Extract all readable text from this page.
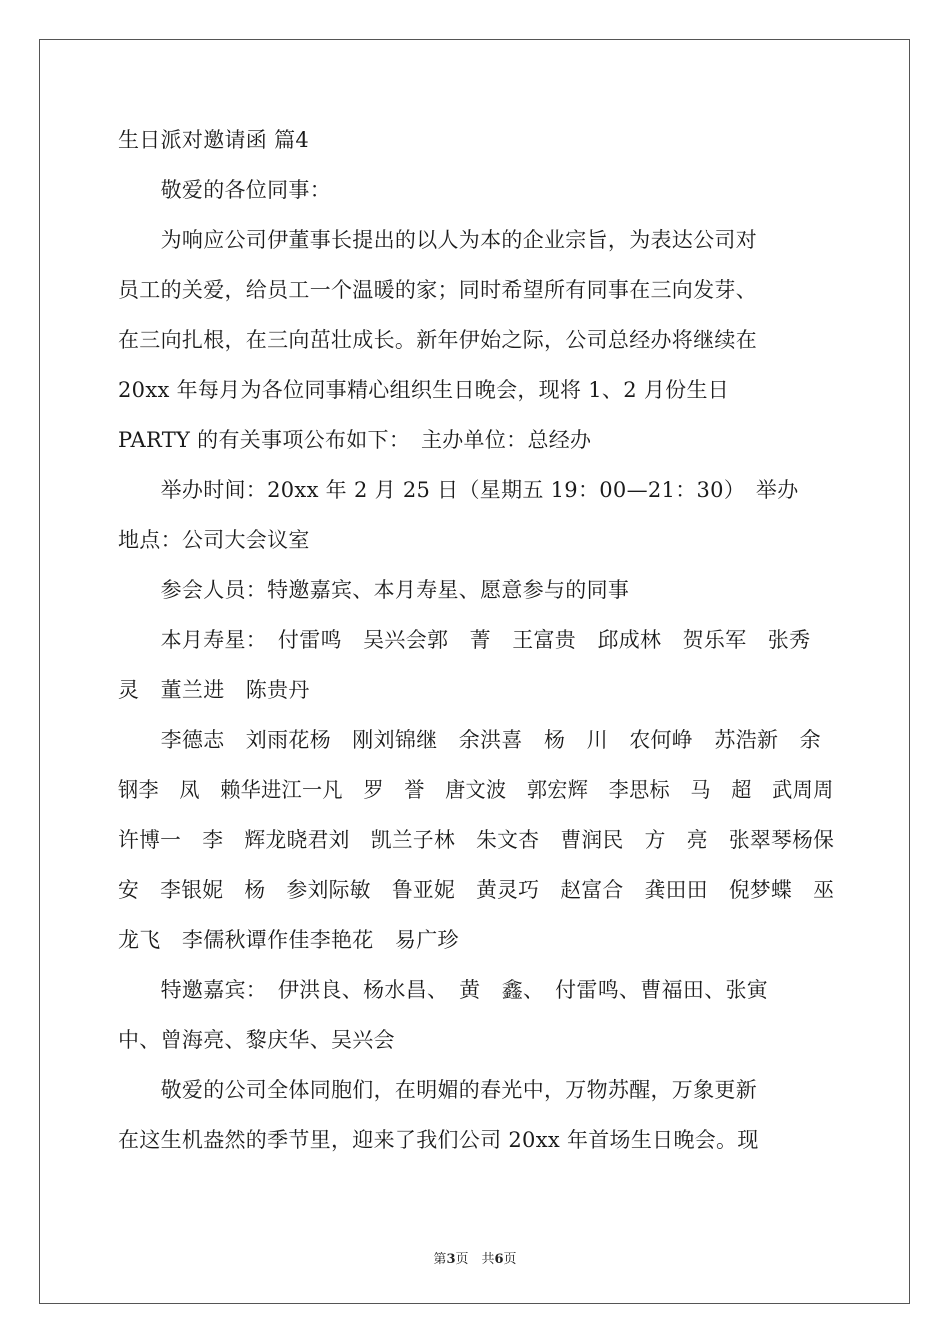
生日派对邀请函 篇4
　　敬爱的各位同事：
　　为响应公司伊董事长提出的以人为本的企业宗旨，为表达公司对
员工的关爱，给员工一个温暖的家；同时希望所有同事在三向发芽、
在三向扎根，在三向茁壮成长。新年伊始之际，公司总经办将继续在
20xx 年每月为各位同事精心组织生日晚会，现将 1、2 月份生日
PARTY 的有关事项公布如下：　主办单位：总经办
　　举办时间：20xx 年 2 月 25 日（星期五 19：00—21：30）　举办
地点：公司大会议室
　　参会人员：特邀嘉宾、本月寿星、愿意参与的同事
　　本月寿星：　付雷鸣　吴兴会郭　菁　王富贵　邱成林　贺乐军　张秀
灵　董兰进　陈贵丹
　　李德志　刘雨花杨　刚刘锦继　余洪喜　杨　川　农何峥　苏浩新　余
钢李　凤　赖华进江一凡　罗　誉　唐文波　郭宏辉　李思标　马　超　武周周
许博一　李　辉龙晓君刘　凯兰子林　朱文杏　曹润民　方　亮　张翠琴杨保
安　李银妮　杨　参刘际敏　鲁亚妮　黄灵巧　赵富合　龚田田　倪梦蝶　巫
龙飞　李儒秋谭作佳李艳花　易广珍
　　特邀嘉宾：　伊洪良、杨水昌、　黄　鑫、　付雷鸣、曹福田、张寅
中、曾海亮、黎庆华、吴兴会
　　敬爱的公司全体同胞们，在明媚的春光中，万物苏醒，万象更新
在这生机盎然的季节里，迎来了我们公司 20xx 年首场生日晚会。现
第3页　共6页
